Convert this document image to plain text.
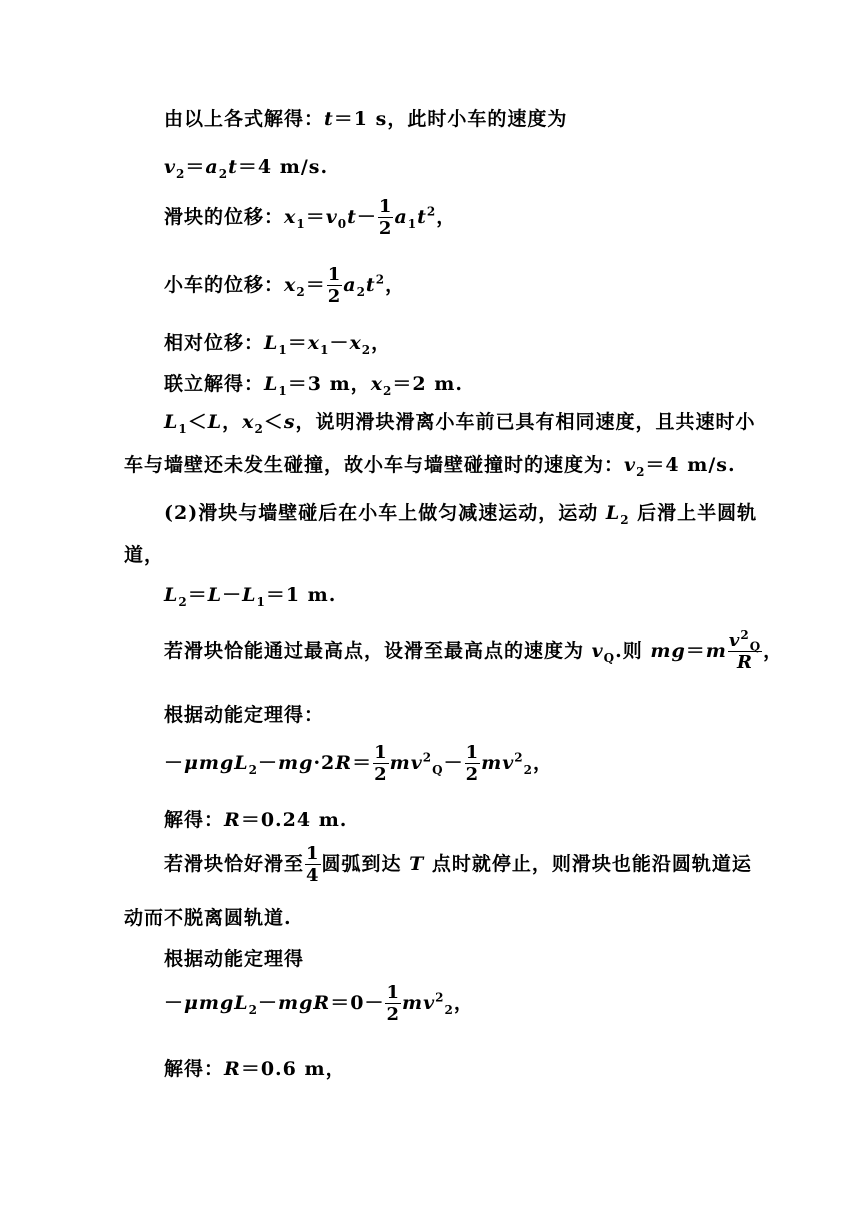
由以上各式解得：t＝1 s，此时小车的速度为
$v_2=a_2t=4$ m/s.
滑块的位移：$x_1=v_0t- \frac{1}{2} a_1t^2$，
小车的位移：$x_2= \frac{1}{2} a_2t^2$，
相对位移：$L_1=x_1-x_2$，
联立解得：$L_1=3$ m，$x_2=2$ m.
$L_1<L$，$x_2<s$，说明滑块滑离小车前已具有相同速度，且共速时小
车与墙壁还未发生碰撞，故小车与墙壁碰撞时的速度为：$v_2=4$ m/s.
(2)滑块与墙壁碰后在小车上做匀减速运动，运动 $L_2$ 后滑上半圆轨
道，
$L_2=L-L_1=1$ m.
若滑块恰能通过最高点，设滑至最高点的速度为 $v_Q$.则 $mg=m \frac{v^2_Q}{R}$ ，
根据动能定理得：
$-\mu mgL_2-mg\cdot 2R= \frac{1}{2} mv^2_Q- \frac{1}{2} mv^2_2$，
解得：R＝0.24 m.
若滑块恰好滑至 $\frac{1}{4}$ 圆弧到达 T 点时就停止，则滑块也能沿圆轨道运
动而不脱离圆轨道.
根据动能定理得
$-\mu mgL_2-mgR=0- \frac{1}{2} mv^2_2$，
解得：R＝0.6 m，
